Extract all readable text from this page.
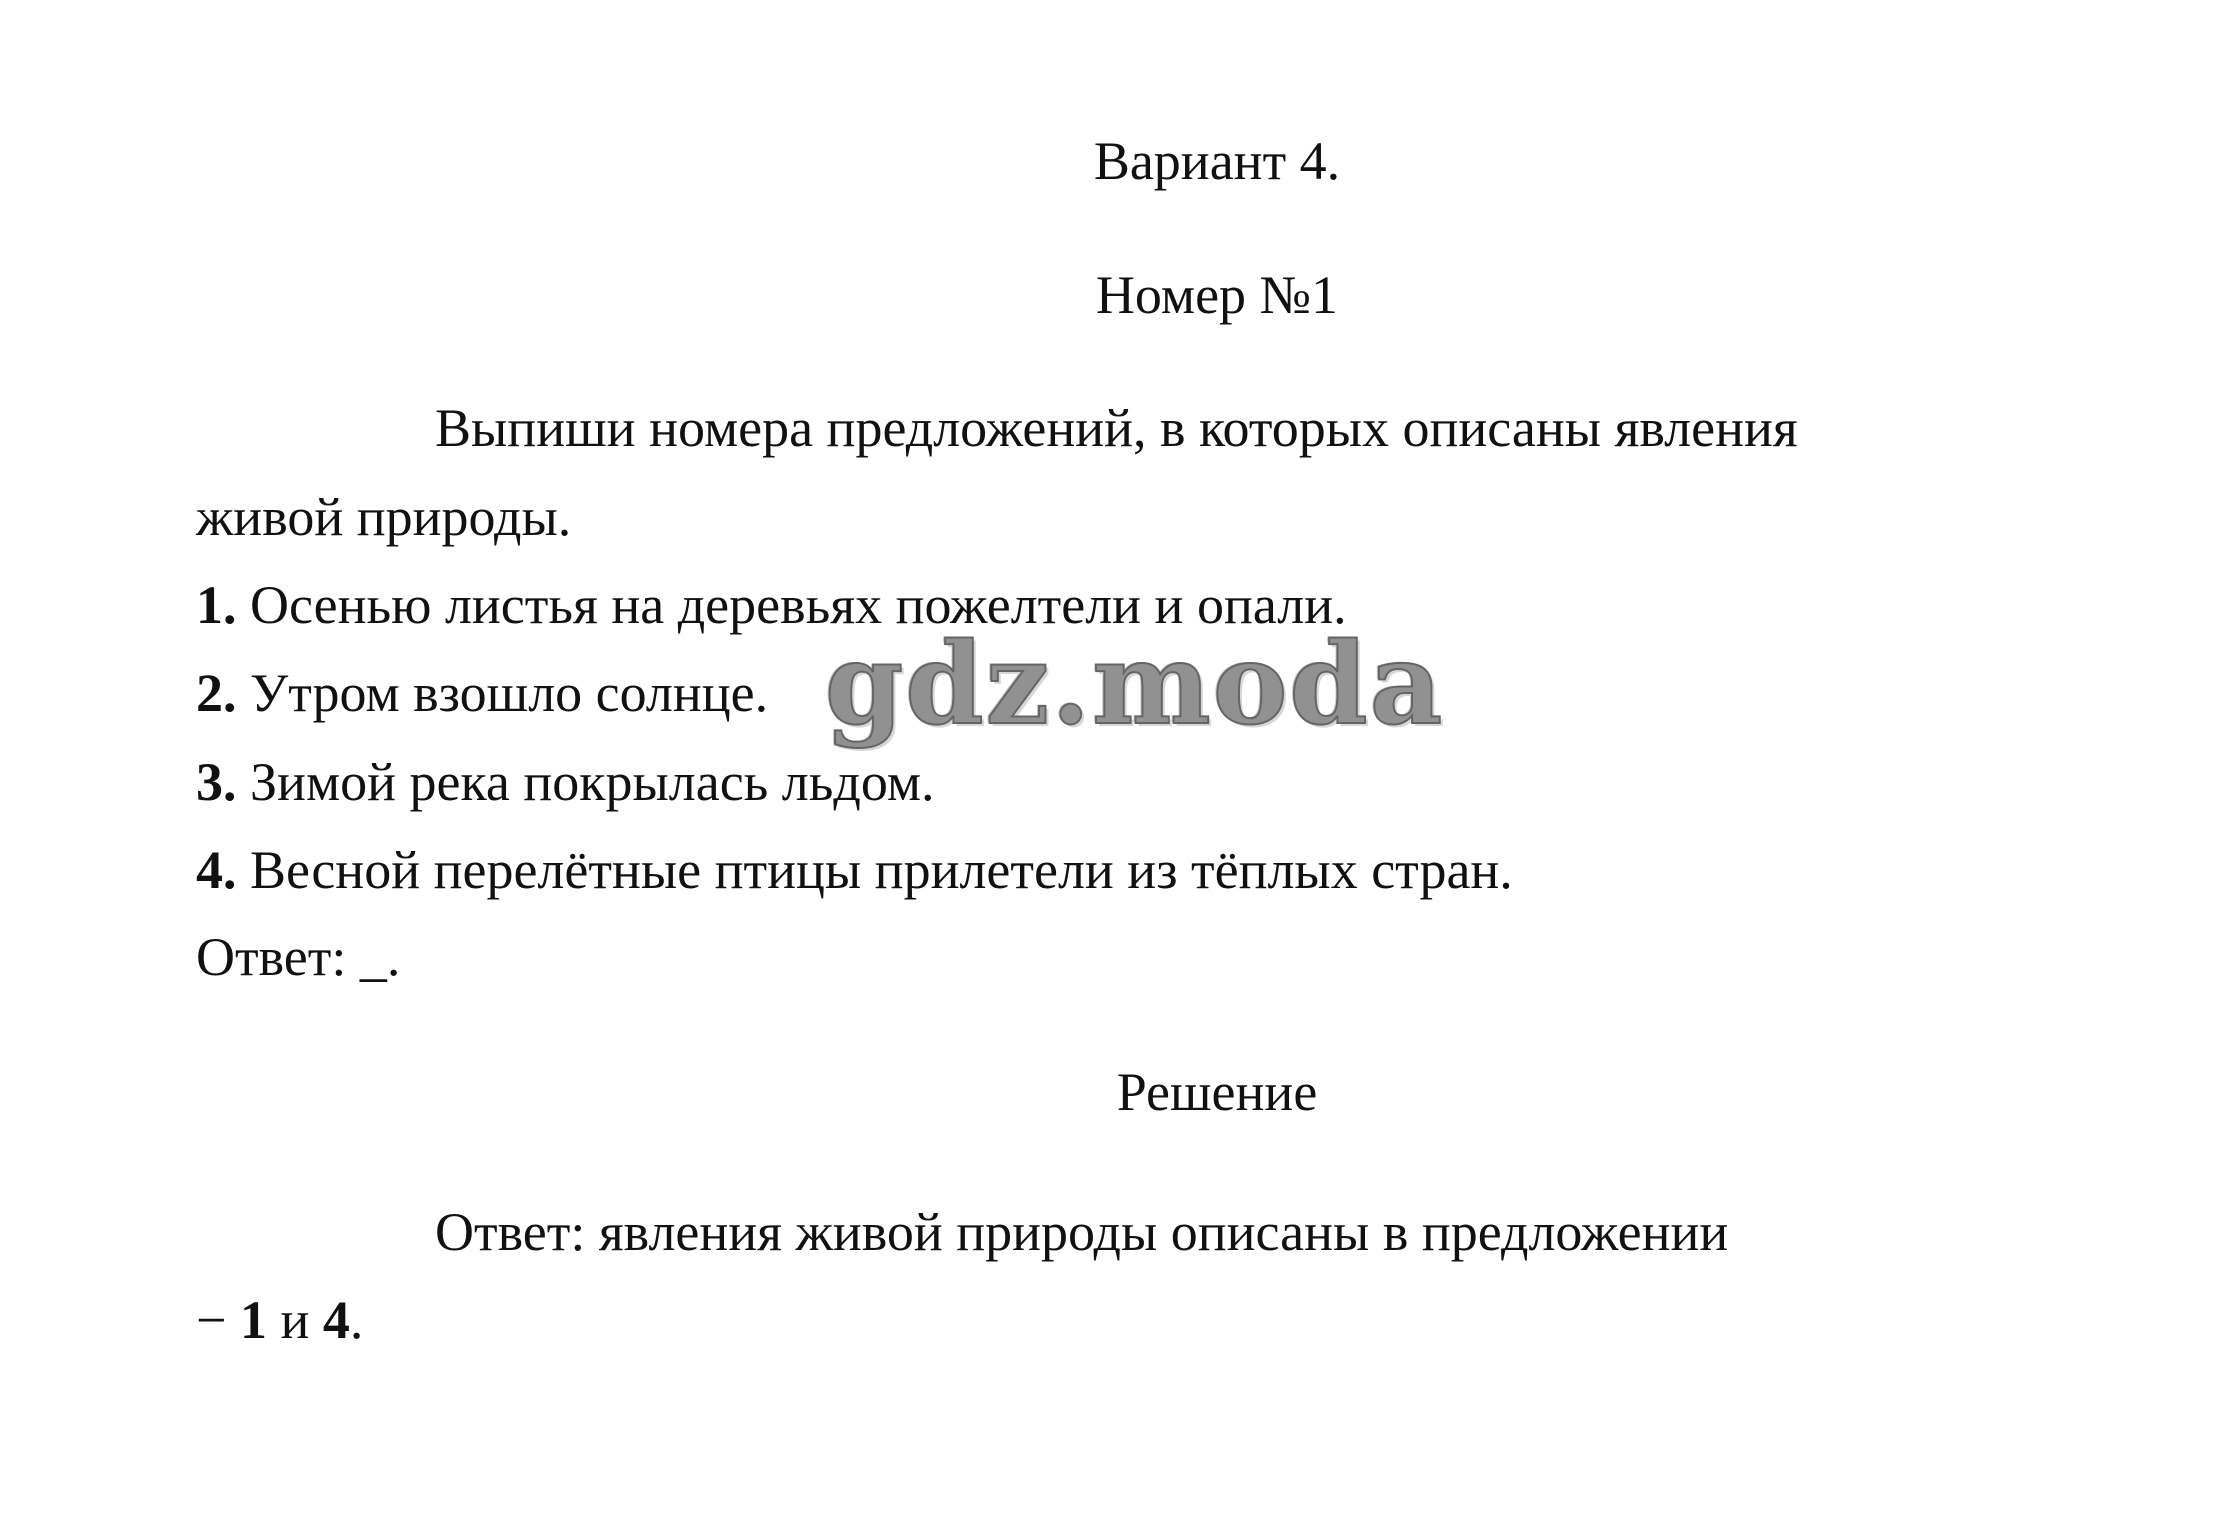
Вариант 4.
Номер №1
Выпиши номера предложений, в которых описаны явления
живой природы.
1. Осенью листья на деревьях пожелтели и опали.
2. Утром взошло солнце.
3. Зимой река покрылась льдом.
4. Весной перелётные птицы прилетели из тёплых стран.
Ответ: _.
Решение
Ответ: явления живой природы описаны в предложении
− 1 и 4.
gdz.moda
